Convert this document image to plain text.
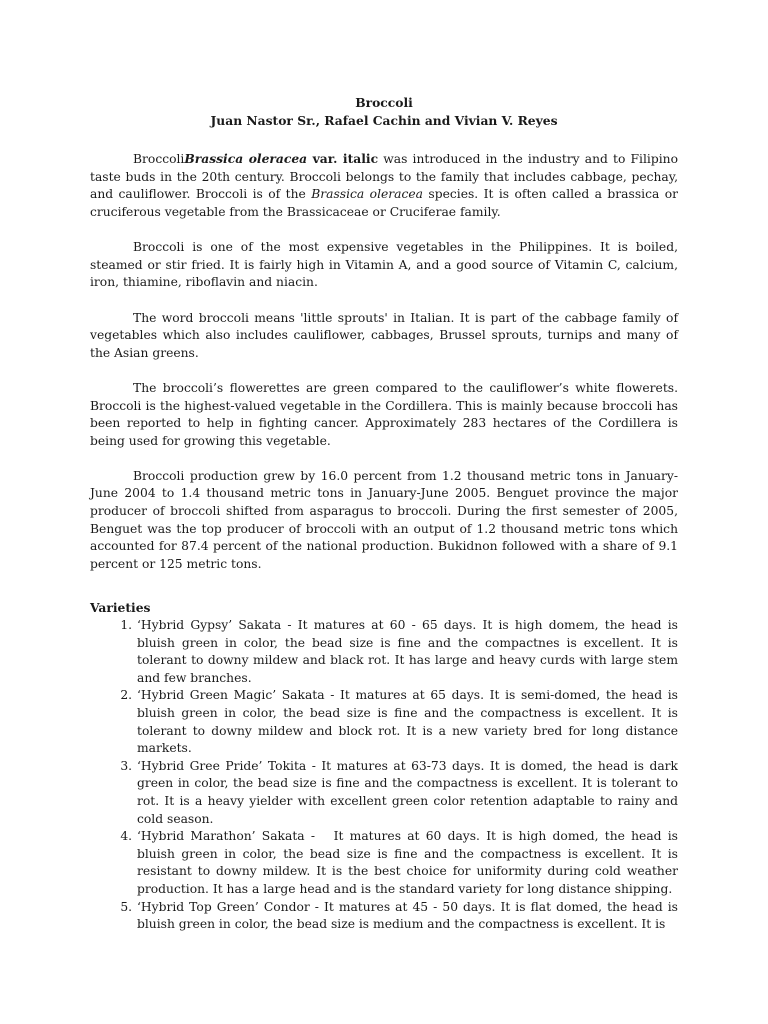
Broccoli
Juan Nastor Sr., Rafael Cachin and Vivian V. Reyes

BroccoliBrassica oleracea var. italic was introduced in the industry and to Filipino taste buds in the 20th century. Broccoli belongs to the family that includes cabbage, pechay, and cauliflower. Broccoli is of the Brassica oleracea species. It is often called a brassica or cruciferous vegetable from the Brassicaceae or Cruciferae family.

Broccoli is one of the most expensive vegetables in the Philippines. It is boiled, steamed or stir fried. It is fairly high in Vitamin A, and a good source of Vitamin C, calcium, iron, thiamine, riboflavin and niacin.

The word broccoli means 'little sprouts' in Italian. It is part of the cabbage family of vegetables which also includes cauliflower, cabbages, Brussel sprouts, turnips and many of the Asian greens.

The broccoli’s flowerettes are green compared to the cauliflower’s white flowerets. Broccoli is the highest-valued vegetable in the Cordillera. This is mainly because broccoli has been reported to help in fighting cancer. Approximately 283 hectares of the Cordillera is being used for growing this vegetable.

Broccoli production grew by 16.0 percent from 1.2 thousand metric tons in January-June 2004 to 1.4 thousand metric tons in January-June 2005. Benguet province the major producer of broccoli shifted from asparagus to broccoli. During the first semester of 2005, Benguet was the top producer of broccoli with an output of 1.2 thousand metric tons which accounted for 87.4 percent of the national production. Bukidnon followed with a share of 9.1 percent or 125 metric tons.

Varieties
1. ‘Hybrid Gypsy’ Sakata - It matures at 60 - 65 days. It is high domem, the head is bluish green in color, the bead size is fine and the compactnes is excellent. It is tolerant to downy mildew and black rot. It has large and heavy curds with large stem and few branches.
2. ‘Hybrid Green Magic’ Sakata - It matures at 65 days. It is semi-domed, the head is bluish green in color, the bead size is fine and the compactness is excellent. It is tolerant to downy mildew and block rot. It is a new variety bred for long distance markets.
3. ‘Hybrid Gree Pride’ Tokita - It matures at 63-73 days. It is domed, the head is dark green in color, the bead size is fine and the compactness is excellent. It is tolerant to rot. It is a heavy yielder with excellent green color retention adaptable to rainy and cold season.
4. ‘Hybrid Marathon’ Sakata -   It matures at 60 days. It is high domed, the head is bluish green in color, the bead size is fine and the compactness is excellent. It is resistant to downy mildew. It is the best choice for uniformity during cold weather production. It has a large head and is the standard variety for long distance shipping.
5. ‘Hybrid Top Green’ Condor - It matures at 45 - 50 days. It is flat domed, the head is bluish green in color, the bead size is medium and the compactness is excellent. It is
